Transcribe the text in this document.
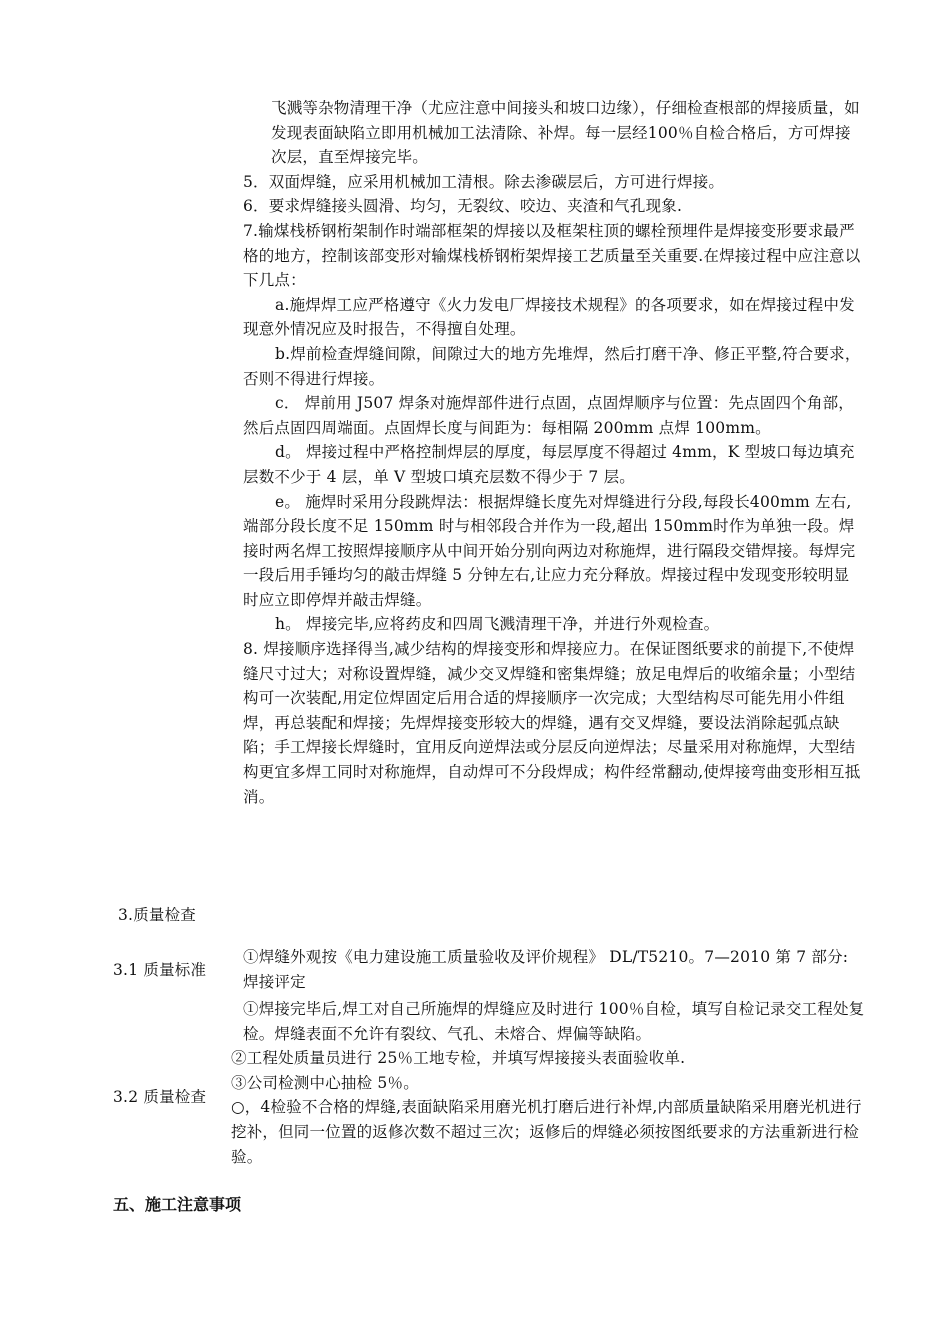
飞溅等杂物清理干净（尤应注意中间接头和坡口边缘），仔细检查根部的焊接质量，如发现表面缺陷立即用机械加工法清除、补焊。每一层经100％自检合格后，方可焊接次层，直至焊接完毕。

5．双面焊缝，应采用机械加工清根。除去渗碳层后，方可进行焊接。

6．要求焊缝接头圆滑、均匀，无裂纹、咬边、夹渣和气孔现象.

7.输煤栈桥钢桁架制作时端部框架的焊接以及框架柱顶的螺栓预埋件是焊接变形要求最严格的地方，控制该部变形对输煤栈桥钢桁架焊接工艺质量至关重要.在焊接过程中应注意以下几点：

a.施焊焊工应严格遵守《火力发电厂焊接技术规程》的各项要求，如在焊接过程中发现意外情况应及时报告，不得擅自处理。

b.焊前检查焊缝间隙，间隙过大的地方先堆焊，然后打磨干净、修正平整,符合要求，否则不得进行焊接。

c． 焊前用 J507 焊条对施焊部件进行点固，点固焊顺序与位置：先点固四个角部，然后点固四周端面。点固焊长度与间距为：每相隔 200mm 点焊 100mm。

d。 焊接过程中严格控制焊层的厚度，每层厚度不得超过 4mm，K 型坡口每边填充层数不少于 4 层，单 V 型坡口填充层数不得少于 7 层。

e。 施焊时采用分段跳焊法：根据焊缝长度先对焊缝进行分段,每段长400mm 左右,端部分段长度不足 150mm 时与相邻段合并作为一段,超出 150mm时作为单独一段。焊接时两名焊工按照焊接顺序从中间开始分别向两边对称施焊，进行隔段交错焊接。每焊完一段后用手锤均匀的敲击焊缝 5 分钟左右,让应力充分释放。焊接过程中发现变形较明显时应立即停焊并敲击焊缝。

h。 焊接完毕,应将药皮和四周飞溅清理干净，并进行外观检查。

8. 焊接顺序选择得当,减少结构的焊接变形和焊接应力。在保证图纸要求的前提下,不使焊缝尺寸过大；对称设置焊缝，减少交叉焊缝和密集焊缝；放足电焊后的收缩余量；小型结构可一次装配,用定位焊固定后用合适的焊接顺序一次完成；大型结构尽可能先用小件组焊，再总装配和焊接；先焊焊接变形较大的焊缝，遇有交叉焊缝，要设法消除起弧点缺陷；手工焊接长焊缝时，宜用反向逆焊法或分层反向逆焊法；尽量采用对称施焊，大型结构更宜多焊工同时对称施焊，自动焊可不分段焊成；构件经常翻动,使焊接弯曲变形相互抵消。

3.质量检查
3.1 质量标准

①焊缝外观按《电力建设施工质量验收及评价规程》 DL/T5210。7—2010 第 7 部分:焊接评定

3.2 质量检查

①焊接完毕后,焊工对自己所施焊的焊缝应及时进行 100％自检，填写自检记录交工程处复检。焊缝表面不允许有裂纹、气孔、未熔合、焊偏等缺陷。

②工程处质量员进行 25％工地专检，并填写焊接接头表面验收单.

③公司检测中心抽检 5％。

○，4检验不合格的焊缝,表面缺陷采用磨光机打磨后进行补焊,内部质量缺陷采用磨光机进行挖补，但同一位置的返修次数不超过三次；返修后的焊缝必须按图纸要求的方法重新进行检验。

五、施工注意事项
